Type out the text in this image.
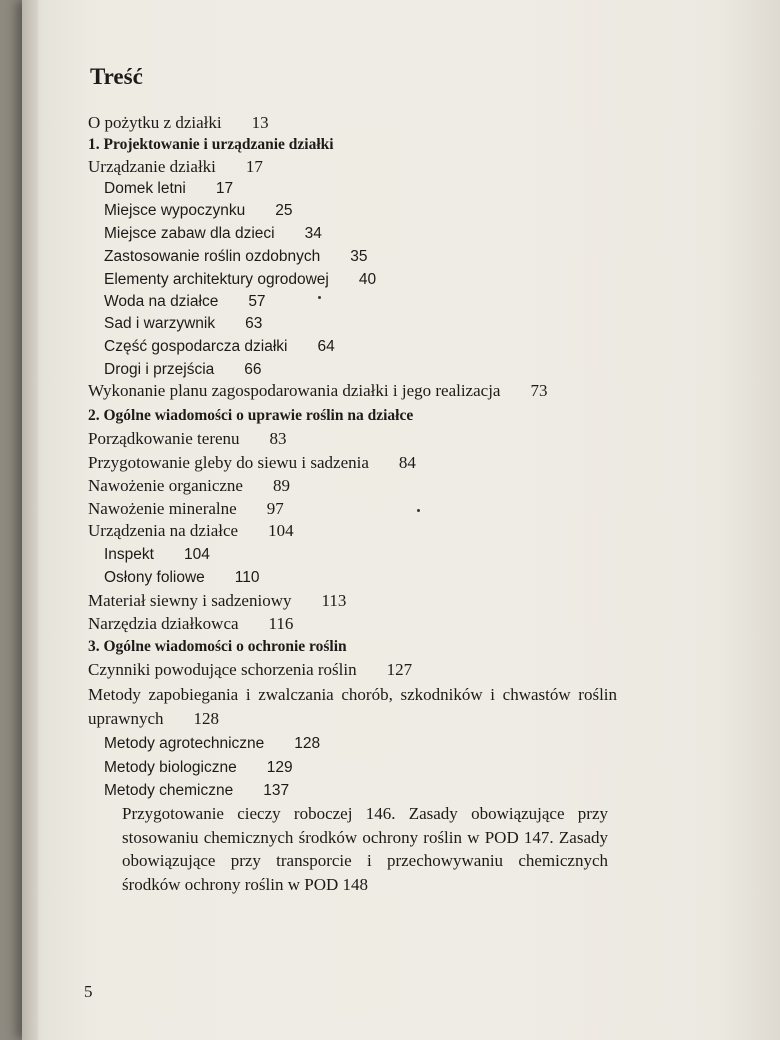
Treść
O pożytku z działki 13
1. Projektowanie i urządzanie działki
Urządzanie działki 17
Domek letni 17
Miejsce wypoczynku 25
Miejsce zabaw dla dzieci 34
Zastosowanie roślin ozdobnych 35
Elementy architektury ogrodowej 40
Woda na działce 57
Sad i warzywnik 63
Część gospodarcza działki 64
Drogi i przejścia 66
Wykonanie planu zagospodarowania działki i jego realizacja 73
2. Ogólne wiadomości o uprawie roślin na działce
Porządkowanie terenu 83
Przygotowanie gleby do siewu i sadzenia 84
Nawożenie organiczne 89
Nawożenie mineralne 97
Urządzenia na działce 104
Inspekt 104
Osłony foliowe 110
Materiał siewny i sadzeniowy 113
Narzędzia działkowca 116
3. Ogólne wiadomości o ochronie roślin
Czynniki powodujące schorzenia roślin 127
Metody zapobiegania i zwalczania chorób, szkodników i chwastów roślin
uprawnych 128
Metody agrotechniczne 128
Metody biologiczne 129
Metody chemiczne 137

Przygotowanie cieczy roboczej 146. Zasady obowiązujące przy stosowaniu chemicznych środków ochrony roślin w POD 147. Zasady obowiązujące przy transporcie i przechowywaniu chemicznych środków ochrony roślin w POD 148

5
